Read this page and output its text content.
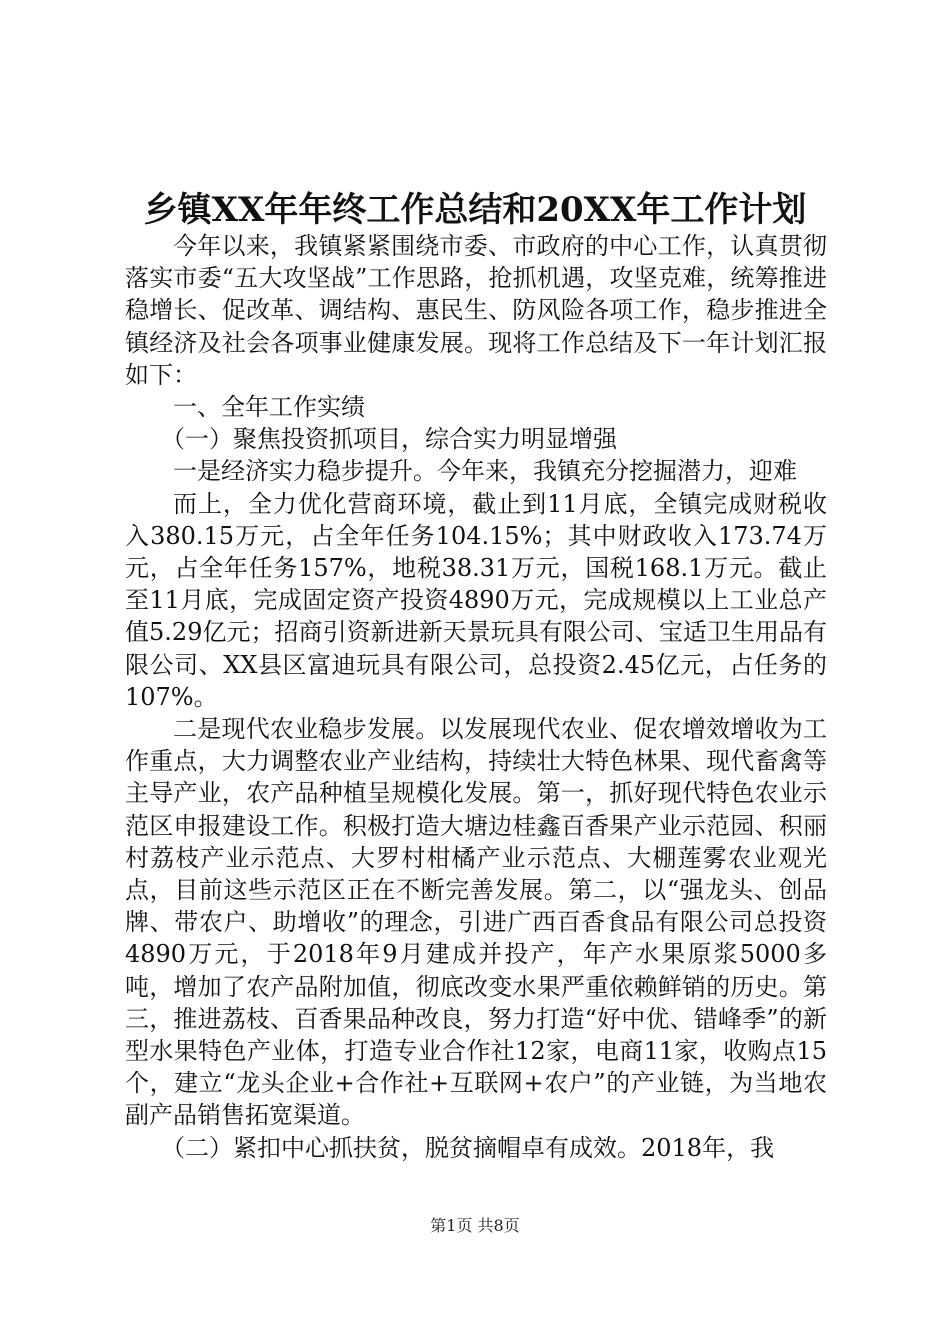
乡镇XX年年终工作总结和20XX年工作计划

今年以来，我镇紧紧围绕市委、市政府的中心工作，认真贯彻落实市委“五大攻坚战”工作思路，抢抓机遇，攻坚克难，统筹推进稳增长、促改革、调结构、惠民生、防风险各项工作，稳步推进全镇经济及社会各项事业健康发展。现将工作总结及下一年计划汇报如下：

一、全年工作实绩

（一）聚焦投资抓项目，综合实力明显增强

一是经济实力稳步提升。今年来，我镇充分挖掘潜力，迎难

而上，全力优化营商环境，截止到11月底，全镇完成财税收入380.15万元，占全年任务104.15%；其中财政收入173.74万元，占全年任务157%，地税38.31万元，国税168.1万元。截止至11月底，完成固定资产投资4890万元，完成规模以上工业总产值5.29亿元；招商引资新进新天景玩具有限公司、宝适卫生用品有限公司、XX县区富迪玩具有限公司，总投资2.45亿元，占任务的107%。

二是现代农业稳步发展。以发展现代农业、促农增效增收为工作重点，大力调整农业产业结构，持续壮大特色林果、现代畜禽等主导产业，农产品种植呈规模化发展。第一，抓好现代特色农业示范区申报建设工作。积极打造大塘边桂鑫百香果产业示范园、积丽村荔枝产业示范点、大罗村柑橘产业示范点、大棚莲雾农业观光点，目前这些示范区正在不断完善发展。第二，以“强龙头、创品牌、带农户、助增收”的理念，引进广西百香食品有限公司总投资4890万元，于2018年9月建成并投产，年产水果原浆5000多吨，增加了农产品附加值，彻底改变水果严重依赖鲜销的历史。第三，推进荔枝、百香果品种改良，努力打造“好中优、错峰季”的新型水果特色产业体，打造专业合作社12家，电商11家，收购点15个，建立“龙头企业+合作社+互联网+农户”的产业链，为当地农副产品销售拓宽渠道。

（二）紧扣中心抓扶贫，脱贫摘帽卓有成效。2018年，我

第1页 共8页
